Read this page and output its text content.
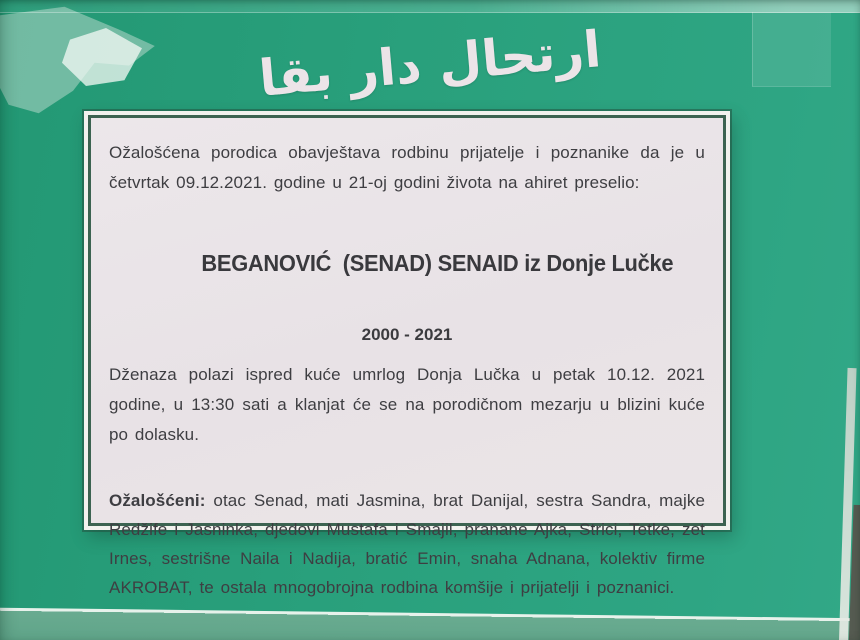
ارتحال دار بقا

Ožalošćena porodica obavještava rodbinu prijatelje i poznanike da je u četvrtak 09.12.2021. godine u 21-oj godini života na ahiret preselio:

BEGANOVIĆ  (SENAD) SENAID iz Donje Lučke

2000 - 2021

Dženaza polazi ispred kuće umrlog Donja Lučka u petak 10.12. 2021 godine, u 13:30 sati a klanjat će se na porodičnom mezarju u blizini kuće po dolasku.

Ožalošćeni: otac Senad, mati Jasmina, brat Danijal, sestra Sandra, majke Redžife i Jasninka, djedovi Mustafa i Smajil, pranane Ajka, Strici, Tetke, zet Irnes, sestrišne Naila i Nadija, bratić Emin, snaha Adnana, kolektiv firme AKROBAT, te ostala mnogobrojna rodbina komšije i prijatelji i poznanici.
